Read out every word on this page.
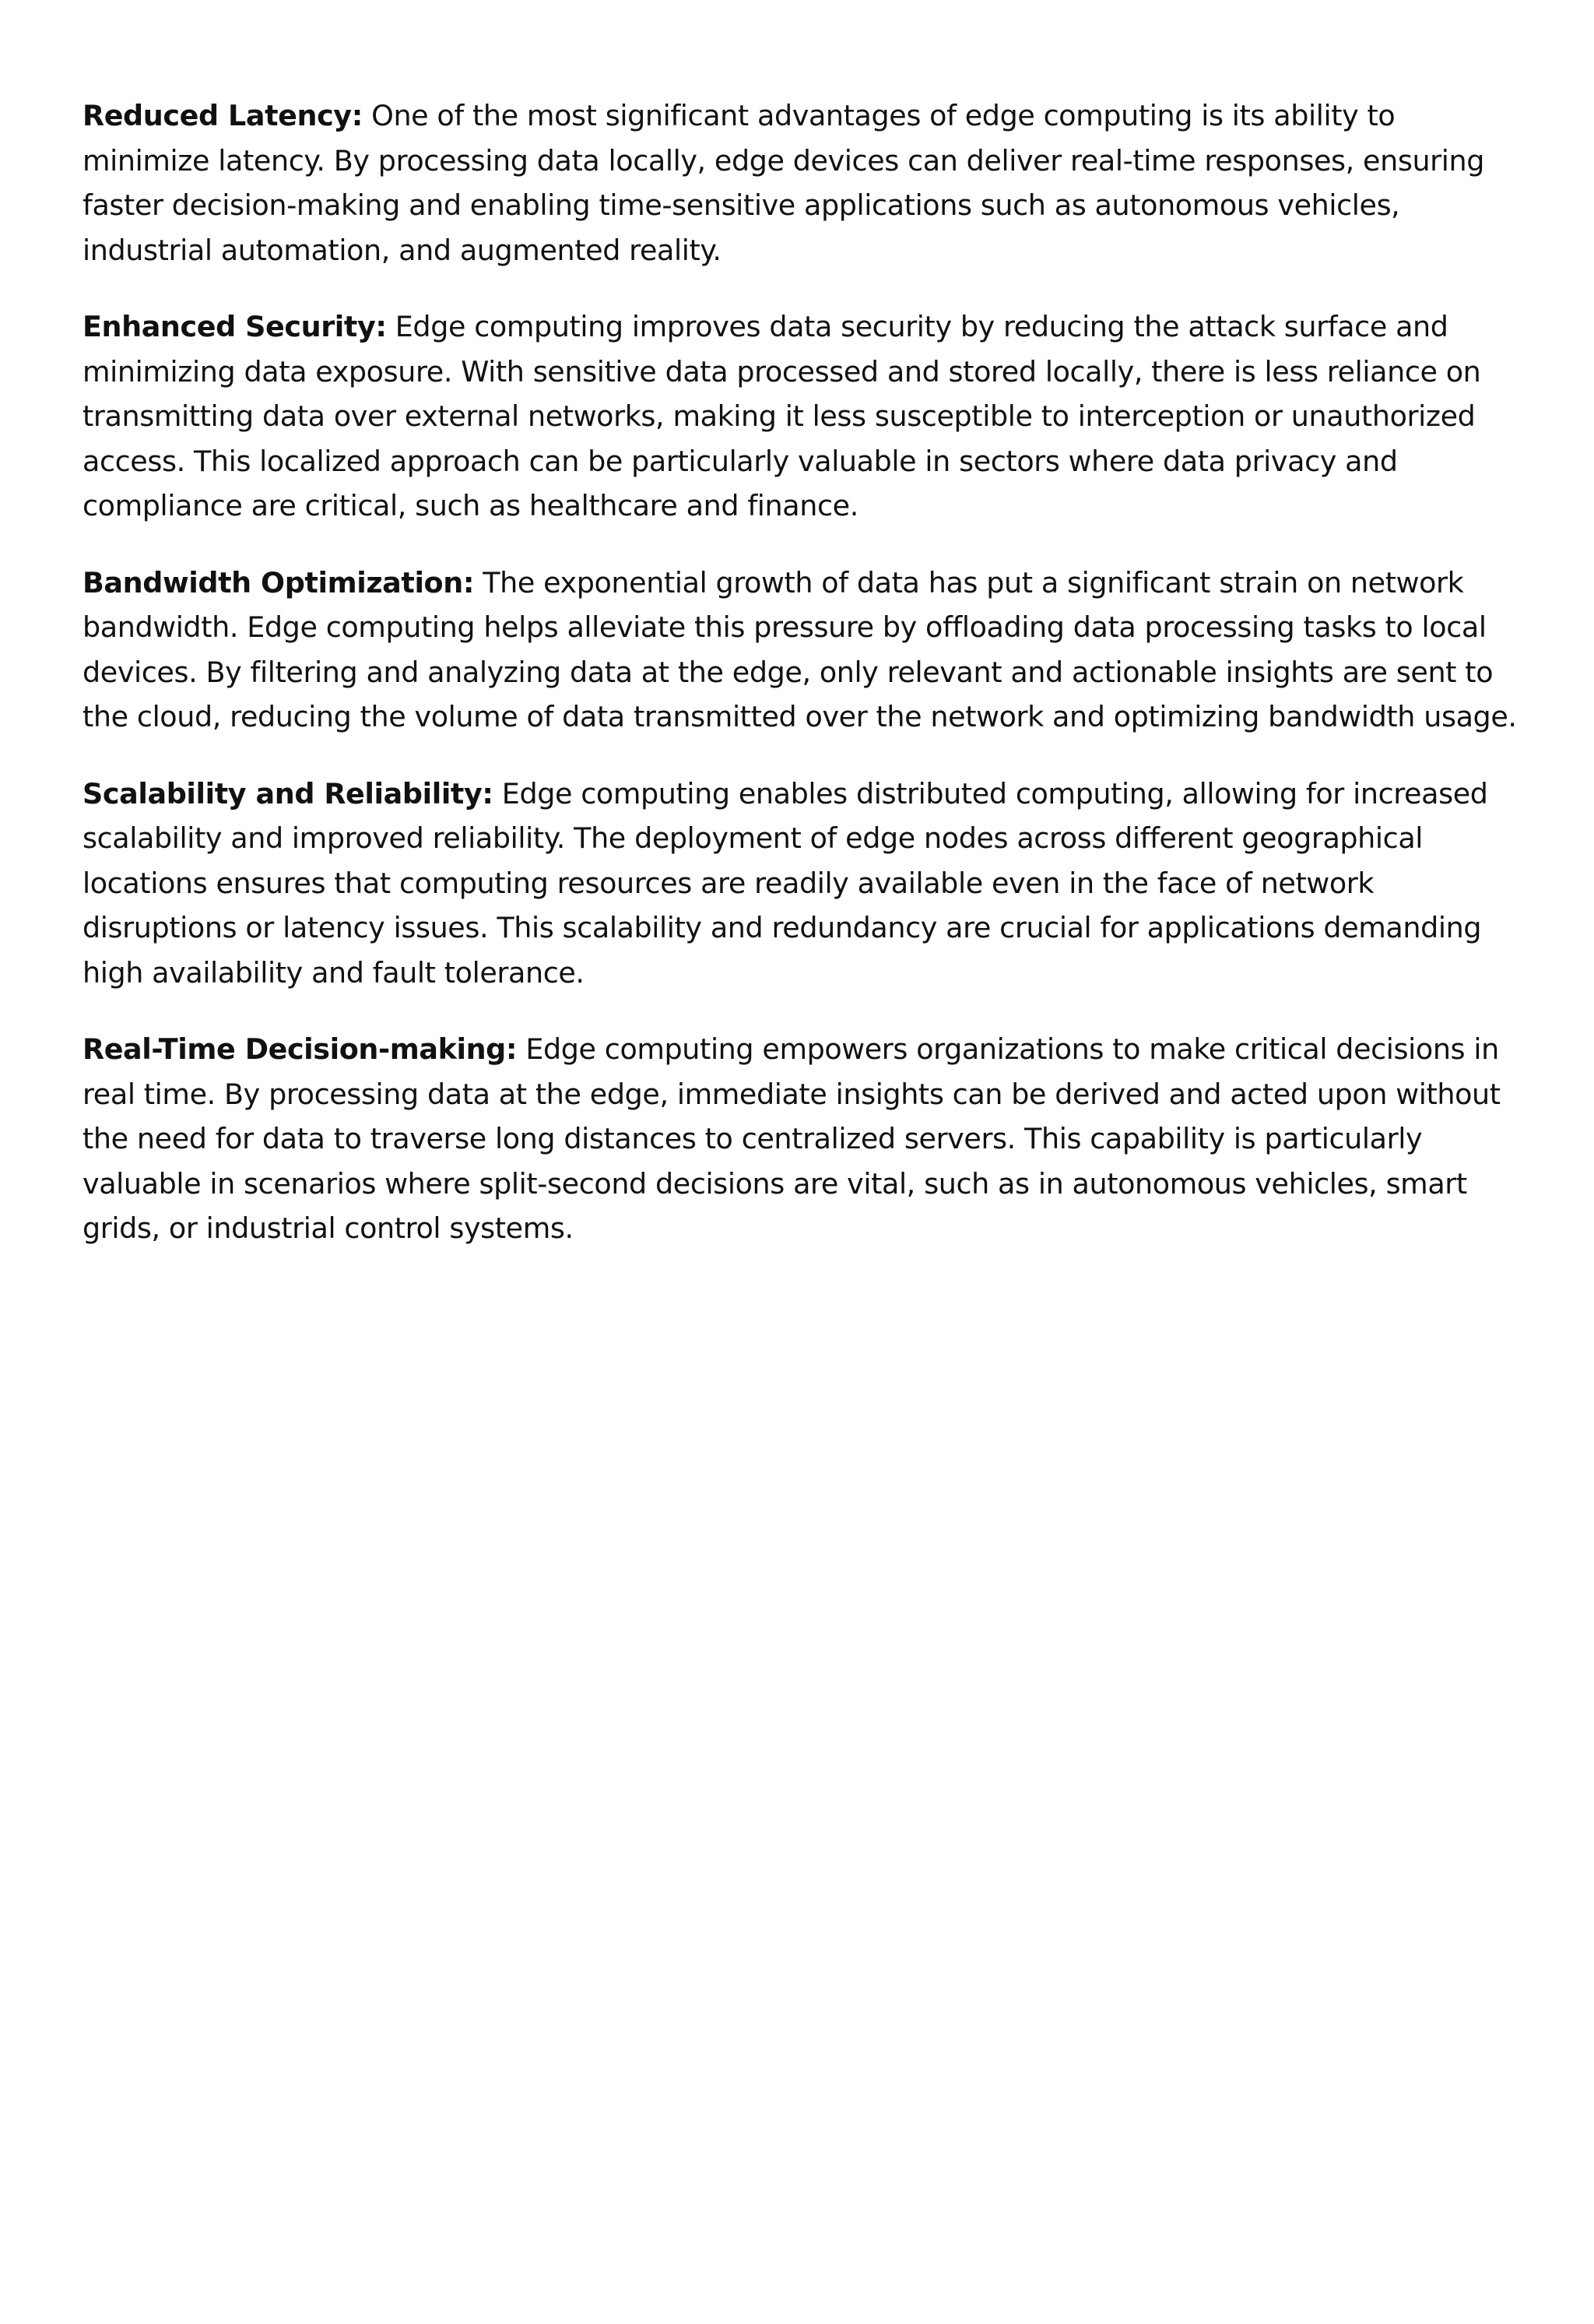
Reduced Latency: One of the most significant advantages of edge computing is its ability to minimize latency. By processing data locally, edge devices can deliver real-time responses, ensuring faster decision-making and enabling time-sensitive applications such as autonomous vehicles, industrial automation, and augmented reality.

Enhanced Security: Edge computing improves data security by reducing the attack surface and minimizing data exposure. With sensitive data processed and stored locally, there is less reliance on transmitting data over external networks, making it less susceptible to interception or unauthorized access. This localized approach can be particularly valuable in sectors where data privacy and compliance are critical, such as healthcare and finance.

Bandwidth Optimization: The exponential growth of data has put a significant strain on network bandwidth. Edge computing helps alleviate this pressure by offloading data processing tasks to local devices. By filtering and analyzing data at the edge, only relevant and actionable insights are sent to the cloud, reducing the volume of data transmitted over the network and optimizing bandwidth usage.

Scalability and Reliability: Edge computing enables distributed computing, allowing for increased scalability and improved reliability. The deployment of edge nodes across different geographical locations ensures that computing resources are readily available even in the face of network disruptions or latency issues. This scalability and redundancy are crucial for applications demanding high availability and fault tolerance.

Real-Time Decision-making: Edge computing empowers organizations to make critical decisions in real time. By processing data at the edge, immediate insights can be derived and acted upon without the need for data to traverse long distances to centralized servers. This capability is particularly valuable in scenarios where split-second decisions are vital, such as in autonomous vehicles, smart grids, or industrial control systems.
